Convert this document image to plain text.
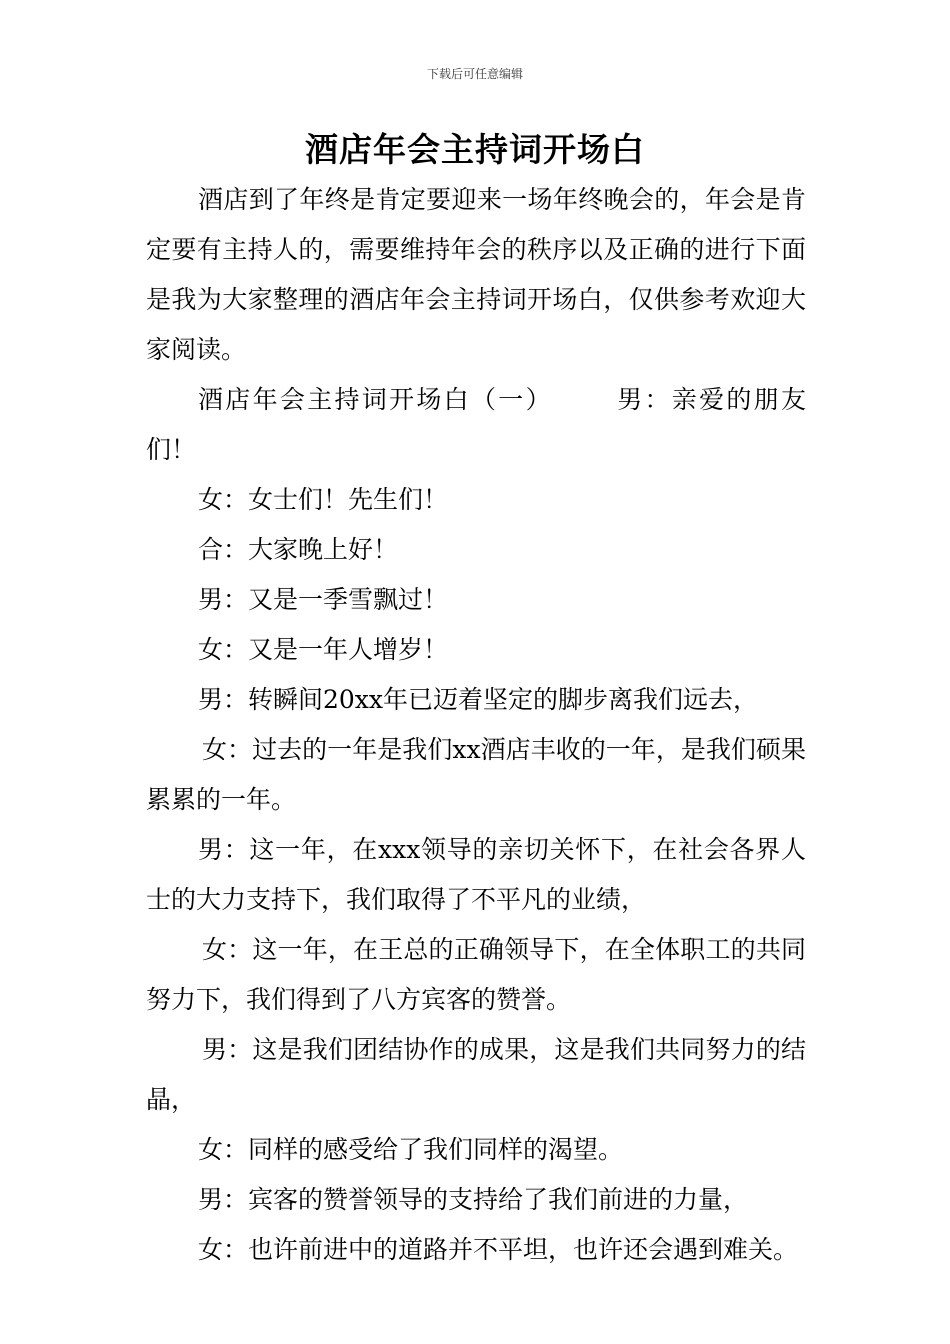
下载后可任意编辑
酒店年会主持词开场白

酒店到了年终是肯定要迎来一场年终晚会的，年会是肯定要有主持人的，需要维持年会的秩序以及正确的进行下面是我为大家整理的酒店年会主持词开场白，仅供参考欢迎大家阅读。

酒店年会主持词开场白（一） 男：亲爱的朋友们！

女：女士们！先生们！

合：大家晚上好！

男：又是一季雪飘过！

女：又是一年人增岁！

男：转瞬间20xx年已迈着坚定的脚步离我们远去，

女：过去的一年是我们xx酒店丰收的一年，是我们硕果累累的一年。

男：这一年，在xxx领导的亲切关怀下，在社会各界人士的大力支持下，我们取得了不平凡的业绩，

女：这一年，在王总的正确领导下，在全体职工的共同努力下，我们得到了八方宾客的赞誉。

男：这是我们团结协作的成果，这是我们共同努力的结晶，

女：同样的感受给了我们同样的渴望。

男：宾客的赞誉领导的支持给了我们前进的力量，

女：也许前进中的道路并不平坦，也许还会遇到难关。
